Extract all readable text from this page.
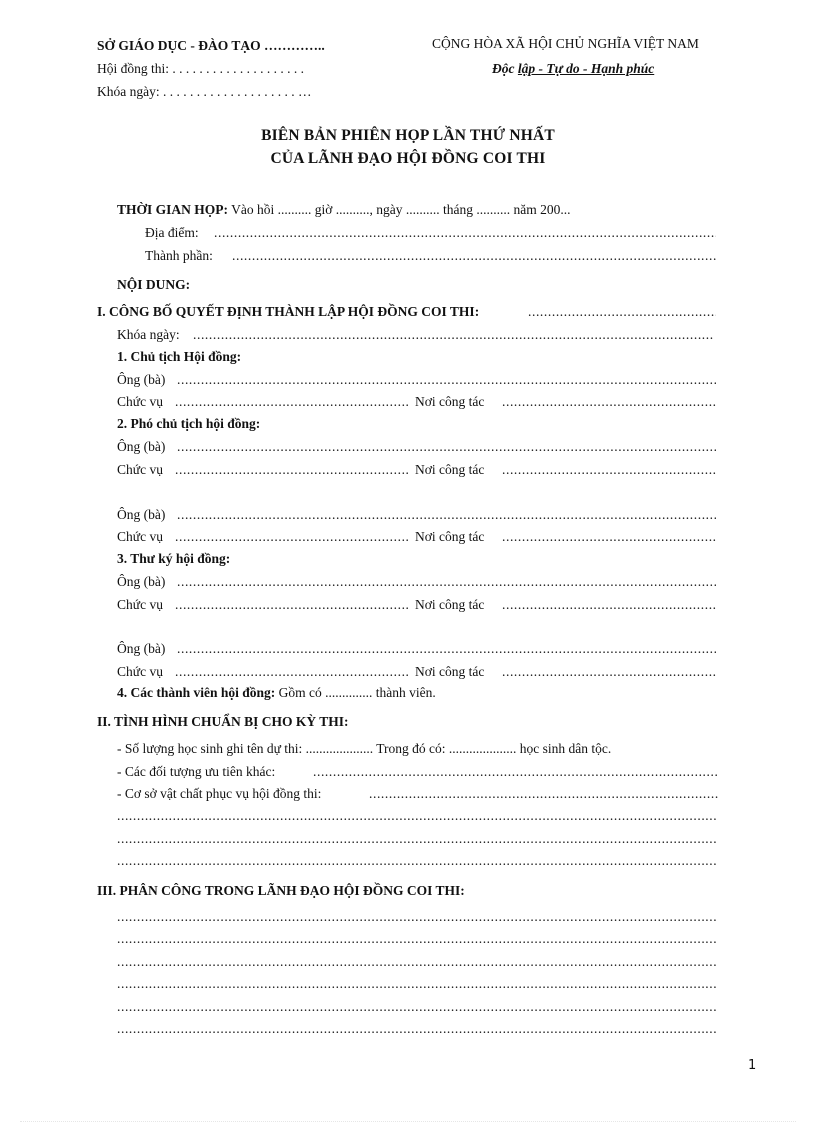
SỞ GIÁO DỤC - ĐÀO TẠO …………..
Hội đồng thi: . . . . . . . . . . . . . . . . . . . .
Khóa ngày: . . . . . . . . . . . . . . . . . . . . …
CỘNG HÒA XÃ HỘI CHỦ NGHĨA VIỆT NAM
Độc lập - Tự do - Hạnh phúc
BIÊN BẢN PHIÊN HỌP LẦN THỨ NHẤT
CỦA LÃNH ĐẠO HỘI ĐỒNG COI THI
THỜI GIAN HỌP: Vào hồi .......... giờ .........., ngày .......... tháng .......... năm 200...
Địa điểm:
.....
Thành phần:
.....
NỘI DUNG:
I. CÔNG BỐ QUYẾT ĐỊNH THÀNH LẬP HỘI ĐỒNG COI THI:
.....
Khóa ngày:
.....
1. Chủ tịch Hội đồng:
Ông (bà)
.....
Chức vụ .....	Nơi công tác
.....
2. Phó chủ tịch hội đồng:
Ông (bà)
.....
Chức vụ .....	Nơi công tác
.....
Ông (bà)
.....
Chức vụ .....	Nơi công tác
.....
3. Thư ký hội đồng:
Ông (bà)
.....
Chức vụ .....	Nơi công tác
.....
Ông (bà)
.....
Chức vụ .....	Nơi công tác
.....
4. Các thành viên hội đồng: Gồm có .............. thành viên.
II. TÌNH HÌNH CHUẨN BỊ CHO KỲ THI:
- Số lượng học sinh ghi tên dự thi: .................... Trong đó có: .................... học sinh dân tộc.
- Các đối tượng ưu tiên khác:
.....
- Cơ sở vật chất phục vụ hội đồng thi:
.....
.....
.....
.....
III. PHÂN CÔNG TRONG LÃNH ĐẠO HỘI ĐỒNG COI THI:
.....
.....
.....
.....
.....
.....
1
